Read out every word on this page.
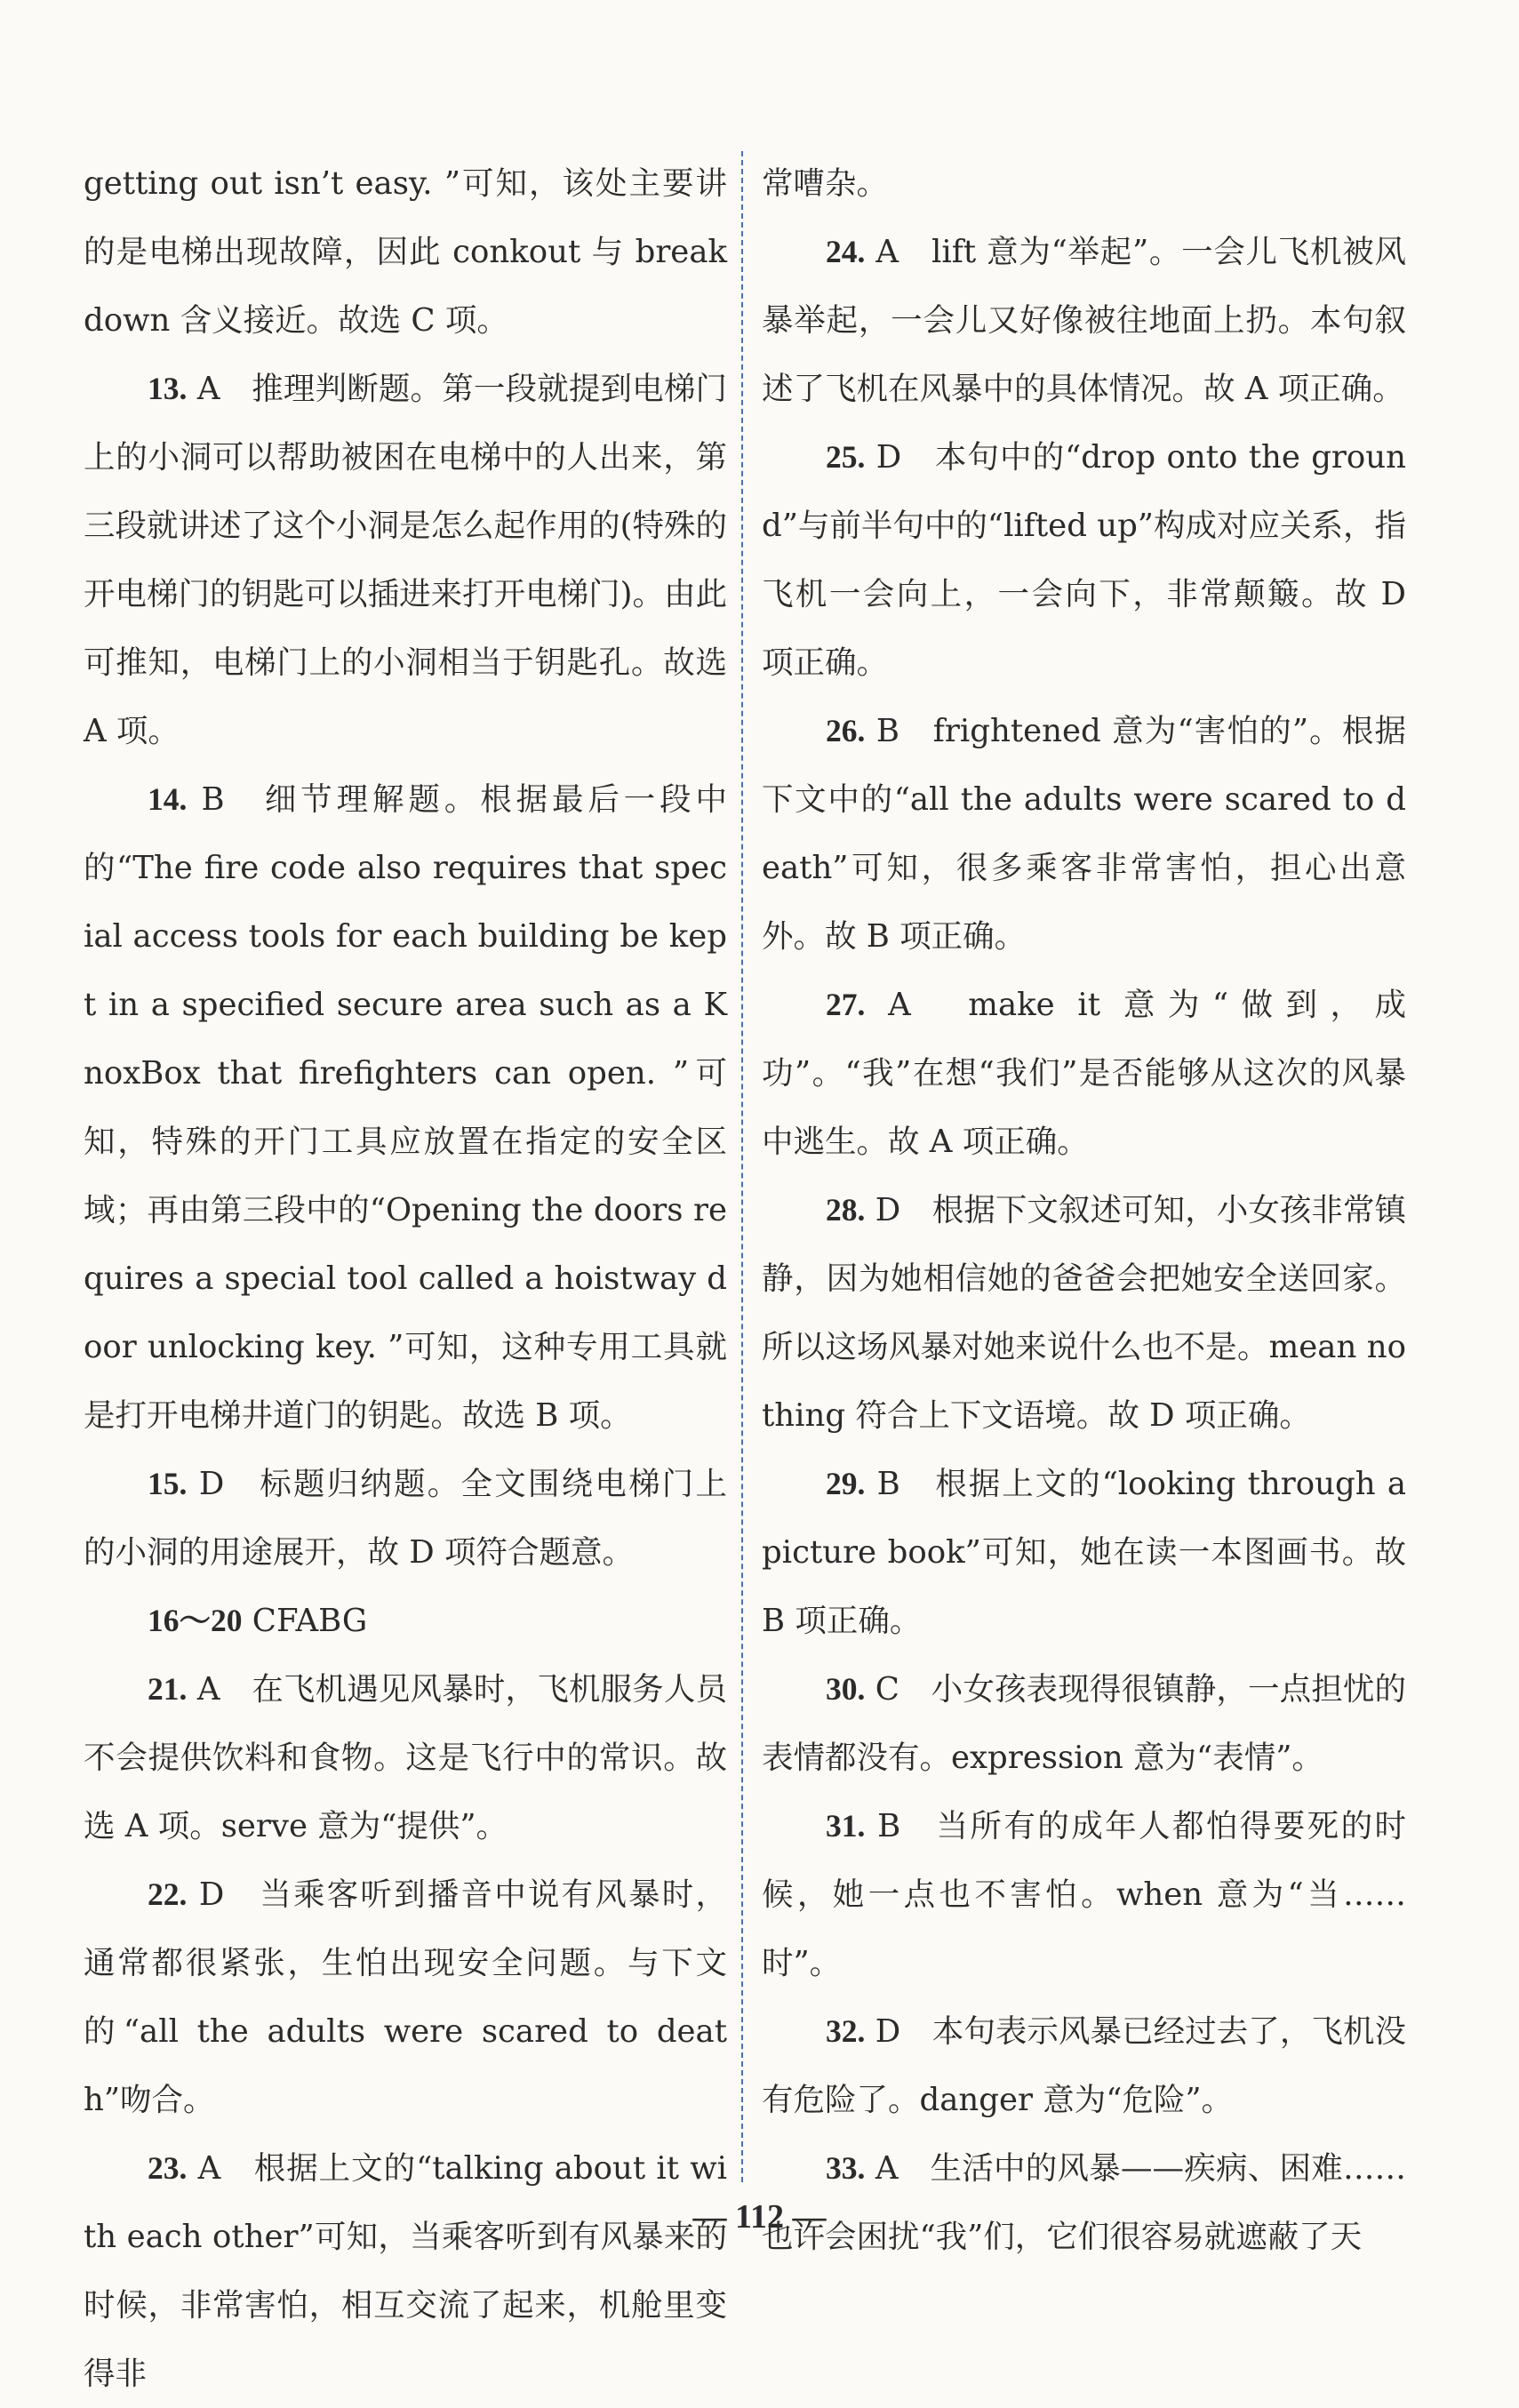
getting out isn’t easy. ”可知，该处主要讲的是电梯出现故障，因此 conkout 与 breakdown 含义接近。故选 C 项。

13. A　推理判断题。第一段就提到电梯门上的小洞可以帮助被困在电梯中的人出来，第三段就讲述了这个小洞是怎么起作用的(特殊的开电梯门的钥匙可以插进来打开电梯门)。由此可推知，电梯门上的小洞相当于钥匙孔。故选 A 项。

14. B　细节理解题。根据最后一段中的“The fire code also requires that special access tools for each building be kept in a specified secure area such as a KnoxBox that firefighters can open. ”可知，特殊的开门工具应放置在指定的安全区域；再由第三段中的“Opening the doors requires a special tool called a hoistway door unlocking key. ”可知，这种专用工具就是打开电梯井道门的钥匙。故选 B 项。

15. D　标题归纳题。全文围绕电梯门上的小洞的用途展开，故 D 项符合题意。

16～20 CFABG

21. A　在飞机遇见风暴时，飞机服务人员不会提供饮料和食物。这是飞行中的常识。故选 A 项。serve 意为“提供”。

22. D　当乘客听到播音中说有风暴时，通常都很紧张，生怕出现安全问题。与下文的“all the adults were scared to death”吻合。

23. A　根据上文的“talking about it with each other”可知，当乘客听到有风暴来的时候，非常害怕，相互交流了起来，机舱里变得非

常嘈杂。

24. A　lift 意为“举起”。一会儿飞机被风暴举起，一会儿又好像被往地面上扔。本句叙述了飞机在风暴中的具体情况。故 A 项正确。

25. D　本句中的“drop onto the ground”与前半句中的“lifted up”构成对应关系，指飞机一会向上，一会向下，非常颠簸。故 D 项正确。

26. B　frightened 意为“害怕的”。根据下文中的“all the adults were scared to death”可知，很多乘客非常害怕，担心出意外。故 B 项正确。

27. A　make it 意为“做到，成功”。“我”在想“我们”是否能够从这次的风暴中逃生。故 A 项正确。

28. D　根据下文叙述可知，小女孩非常镇静，因为她相信她的爸爸会把她安全送回家。所以这场风暴对她来说什么也不是。mean nothing 符合上下文语境。故 D 项正确。

29. B　根据上文的“looking through a picture book”可知，她在读一本图画书。故 B 项正确。

30. C　小女孩表现得很镇静，一点担忧的表情都没有。expression 意为“表情”。

31. B　当所有的成年人都怕得要死的时候，她一点也不害怕。when 意为“当……时”。

32. D　本句表示风暴已经过去了，飞机没有危险了。danger 意为“危险”。

33. A　生活中的风暴——疾病、困难……也许会困扰“我”们，它们很容易就遮蔽了天

— 112 —
